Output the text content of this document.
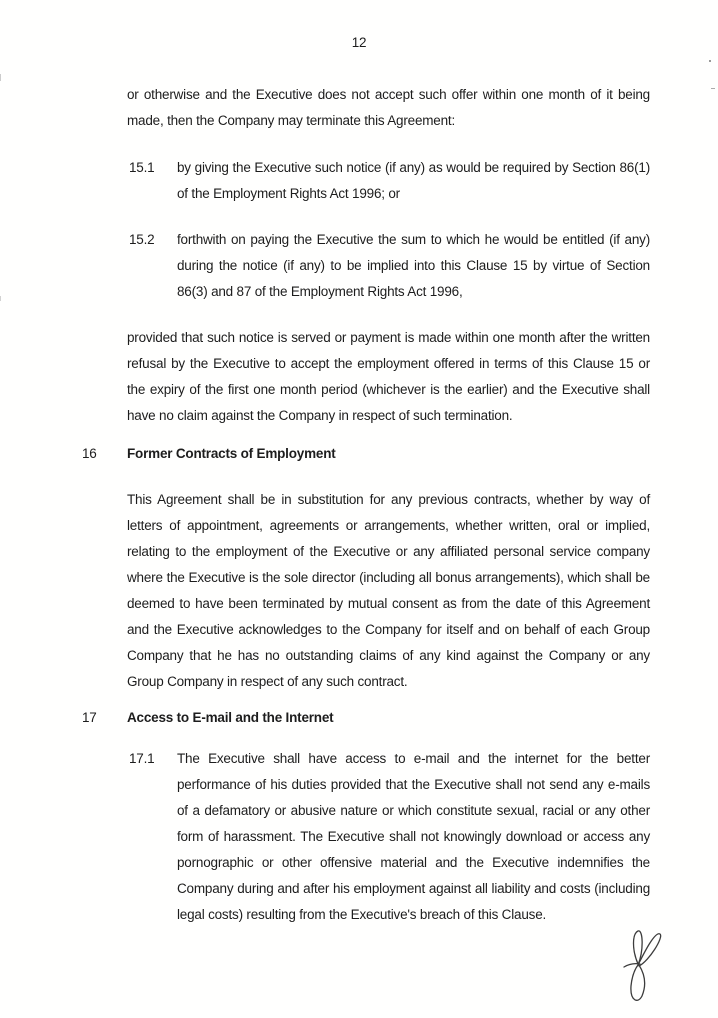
12
or otherwise and the Executive does not accept such offer within one month of it being made, then the Company may terminate this Agreement:
15.1	by giving the Executive such notice (if any) as would be required by Section 86(1) of the Employment Rights Act 1996; or
15.2	forthwith on paying the Executive the sum to which he would be entitled (if any) during the notice (if any) to be implied into this Clause 15 by virtue of Section 86(3) and 87 of the Employment Rights Act 1996,
provided that such notice is served or payment is made within one month after the written refusal by the Executive to accept the employment offered in terms of this Clause 15 or the expiry of the first one month period (whichever is the earlier) and the Executive shall have no claim against the Company in respect of such termination.
16	Former Contracts of Employment
This Agreement shall be in substitution for any previous contracts, whether by way of letters of appointment, agreements or arrangements, whether written, oral or implied, relating to the employment of the Executive or any affiliated personal service company where the Executive is the sole director (including all bonus arrangements), which shall be deemed to have been terminated by mutual consent as from the date of this Agreement and the Executive acknowledges to the Company for itself and on behalf of each Group Company that he has no outstanding claims of any kind against the Company or any Group Company in respect of any such contract.
17	Access to E-mail and the Internet
17.1	The Executive shall have access to e-mail and the internet for the better performance of his duties provided that the Executive shall not send any e-mails of a defamatory or abusive nature or which constitute sexual, racial or any other form of harassment. The Executive shall not knowingly download or access any pornographic or other offensive material and the Executive indemnifies the Company during and after his employment against all liability and costs (including legal costs) resulting from the Executive's breach of this Clause.
